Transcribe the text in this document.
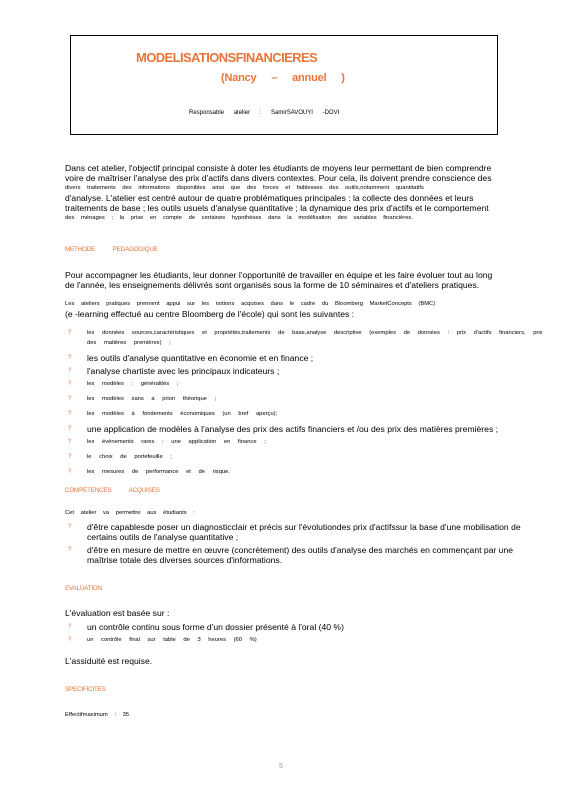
MODELISATIONSFINANCIERES
(Nancy – annuel )
Responsable atelier : SamirSAVOUYI -DOVI
Dans cet atelier, l'objectif principal consiste à doter les étudiants de moyens leur permettant de bien comprendre
voire de maîtriser l'analyse des prix d'actifs dans divers contextes. Pour cela, ils doivent prendre conscience des
divers traitements des informations disponibles ainsi que des forces et faiblesses des outils,notamment quantitatifs
d'analyse. L'atelier est centré autour de quatre problématiques principales : la collecte des données et leurs
traitements de base ; les outils usuels d'analyse quantitative ; la dynamique des prix d'actifs et le comportement
des ménages ; la prise en compte de certaines hypothèses dans la modélisation des variables financières.
METHODE PEDAGOGIQUE
Pour accompagner les étudiants, leur donner l'opportunité de travailler en équipe et les faire évoluer tout au long
de l'année, les enseignements délivrés sont organisés sous la forme de 10 séminaires et d'ateliers pratiques.
Les ateliers pratiques prennent appui sur les notions acquises dans le cadre du Bloomberg MarketConcepts (BMC)
(e -learning effectué au centre Bloomberg de l'école) qui sont les suivantes :
?	les données sources,caractéristiques et propriétés,traitements de base,analyse descriptive (exemples de données : prix d'actifs financiers, prix des matières premières) ;
? les outils d'analyse quantitative en économie et en finance ;
? l'analyse chartiste avec les principaux indicateurs ;
?	les modèles : généralités ;
?	les modèles sans a priori théorique ;
?	les modèles à fondements économiques (un bref aperçu);
? une application de modèles à l'analyse des prix des actifs financiers et /ou des prix des matières premières ;
?	les événements rares : une application en finance ;
?	le choix de portefeuille ;
?	les mesures de performance et de risque.
COMPETENCES ACQUISES
Cet atelier va permettre aux étudiants :
? d'être capablesde poser un diagnosticclair et précis sur l'évolutiondes prix d'actifssur la base d'une mobilisation de certains outils de l'analyse quantitative ;
? d'être en mesure de mettre en œuvre (concrètement) des outils d'analyse des marchés en commençant par une maîtrise totale des diverses sources d'informations.
EVALUATION
L'évaluation est basée sur :
? un contrôle continu sous forme d'un dossier présenté à l'oral (40 %)
?	un contrôle final sur table de 3 heures (60 %)
L'assiduité est requise.
SPECIFICITES
Effectifmaximum : 35
5
